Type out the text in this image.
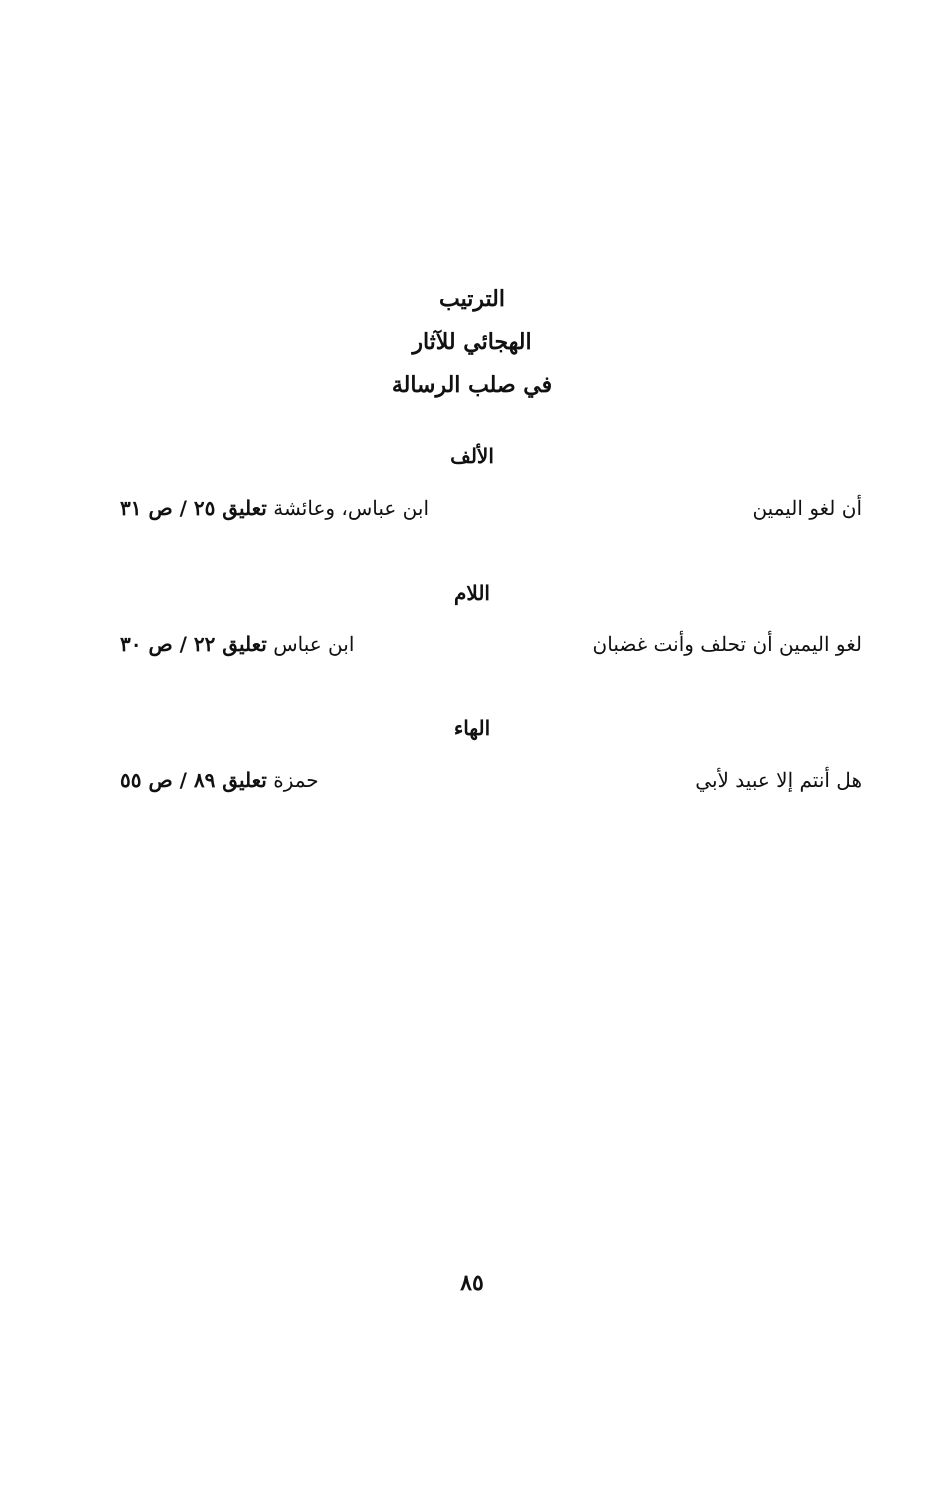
الترتيب
الهجائي للآثار
في صلب الرسالة
الألف
أن لغو اليمين
ابن عباس، وعائشة تعليق ٢٥ / ص ٣١
اللام
لغو اليمين أن تحلف وأنت غضبان
ابن عباس تعليق ٢٢ / ص ٣٠
الهاء
هل أنتم إلا عبيد لأبي
حمزة تعليق ٨٩ / ص ٥٥
٨٥
